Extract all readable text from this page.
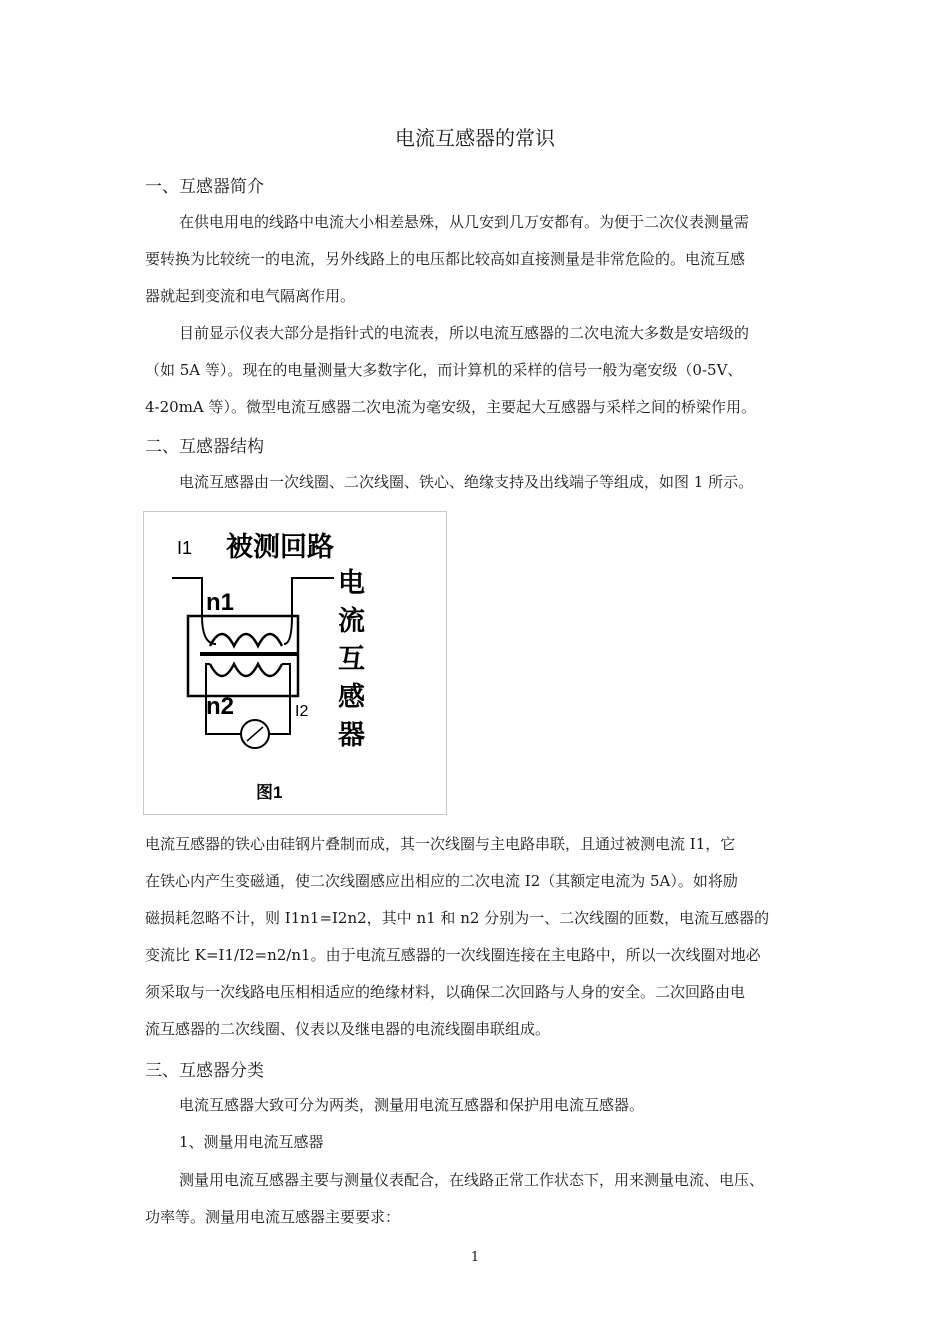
电流互感器的常识
一、互感器简介
在供电用电的线路中电流大小相差悬殊，从几安到几万安都有。为便于二次仪表测量需
要转换为比较统一的电流，另外线路上的电压都比较高如直接测量是非常危险的。电流互感
器就起到变流和电气隔离作用。
目前显示仪表大部分是指针式的电流表，所以电流互感器的二次电流大多数是安培级的
（如 5A 等）。现在的电量测量大多数字化，而计算机的采样的信号一般为毫安级（0-5V、
4-20mA 等）。微型电流互感器二次电流为毫安级，主要起大互感器与采样之间的桥梁作用。
二、互感器结构
电流互感器由一次线圈、二次线圈、铁心、绝缘支持及出线端子等组成，如图 1 所示。
I1 被测回路
n1
n2	I2
电
流
互
感
器
图1
电流互感器的铁心由硅钢片叠制而成，其一次线圈与主电路串联，且通过被测电流 I1，它
在铁心内产生变磁通，使二次线圈感应出相应的二次电流 I2（其额定电流为 5A）。如将励
磁损耗忽略不计，则 I1n1=I2n2，其中 n1 和 n2 分别为一、二次线圈的匝数，电流互感器的
变流比 K=I1/I2=n2/n1。由于电流互感器的一次线圈连接在主电路中，所以一次线圈对地必
须采取与一次线路电压相相适应的绝缘材料，以确保二次回路与人身的安全。二次回路由电
流互感器的二次线圈、仪表以及继电器的电流线圈串联组成。
三、互感器分类
电流互感器大致可分为两类，测量用电流互感器和保护用电流互感器。
1、测量用电流互感器
测量用电流互感器主要与测量仪表配合，在线路正常工作状态下，用来测量电流、电压、
功率等。测量用电流互感器主要要求：
1
